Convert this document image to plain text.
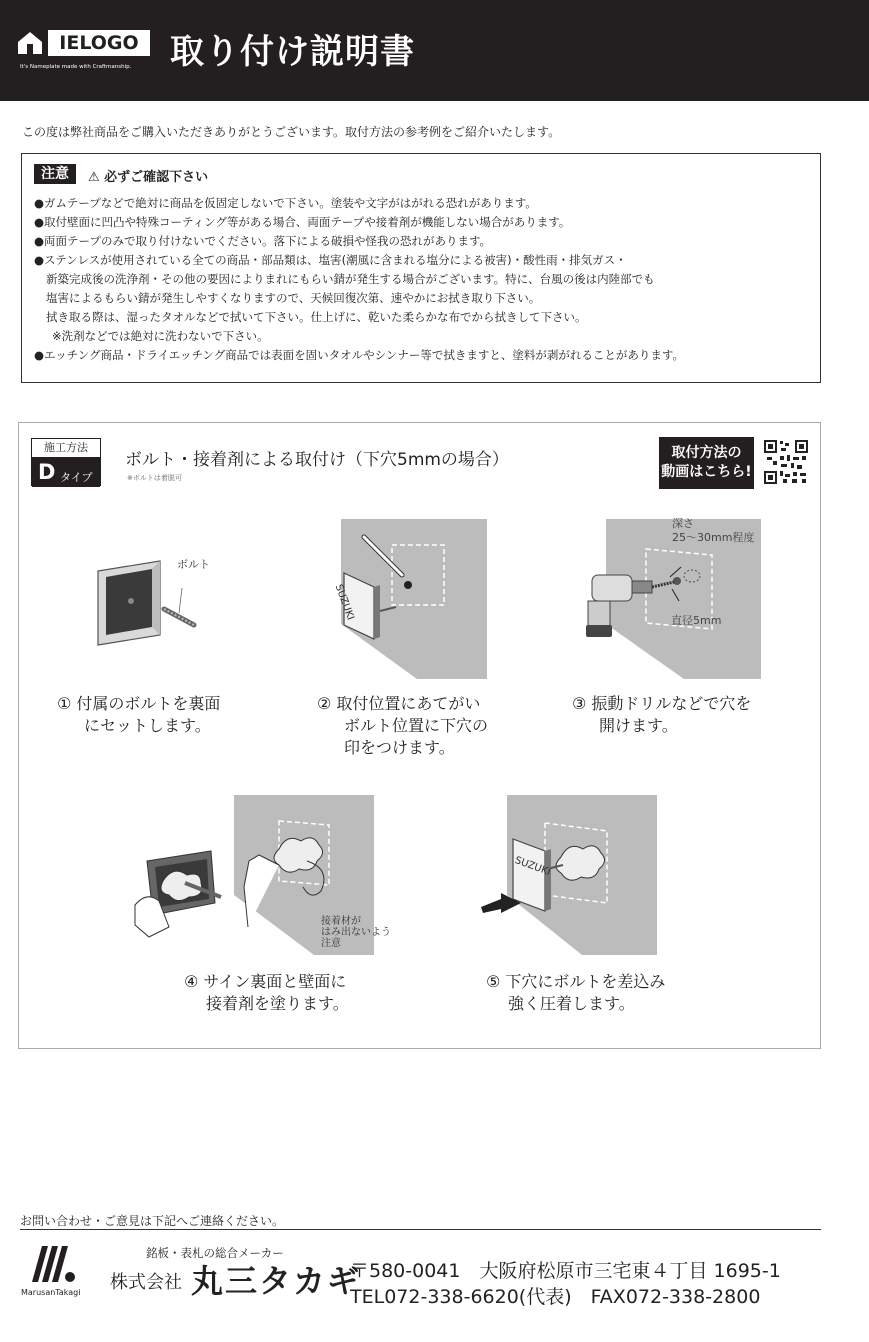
IELOGO
It's Nameplate made with Craftmanship. 取り付け説明書
この度は弊社商品をご購入いただきありがとうございます。取付方法の参考例をご紹介いたします。
注意	⚠ 必ずご確認下さい
●ガムテープなどで絶対に商品を仮固定しないで下さい。塗装や文字がはがれる恐れがあります。
●取付壁面に凹凸や特殊コーティング等がある場合、両面テープや接着剤が機能しない場合があります。
●両面テープのみで取り付けないでください。落下による破損や怪我の恐れがあります。
●ステンレスが使用されている全ての商品・部品類は、塩害(潮風に含まれる塩分による被害)・酸性雨・排気ガス・
新築完成後の洗浄剤・その他の要因によりまれにもらい錆が発生する場合がございます。特に、台風の後は内陸部でも
塩害によるもらい錆が発生しやすくなりますので、天候回復次第、速やかにお拭き取り下さい。
拭き取る際は、湿ったタオルなどで拭いて下さい。仕上げに、乾いた柔らかな布でから拭きして下さい。
※洗剤などでは絶対に洗わないで下さい。
●エッチング商品・ドライエッチング商品では表面を固いタオルやシンナー等で拭きますと、塗料が剥がれることがあります。
施工方法
D タイプ
ボルト・接着剤による取付け（下穴5mmの場合）
※ボルトは着脱可
取付方法の
動画はこちら!
ボルト
SUZUKI
深さ
25〜30mm程度
直径5mm
① 付属のボルトを裏面
にセットします。
② 取付位置にあてがい
ボルト位置に下穴の
印をつけます。
③ 振動ドリルなどで穴を
開けます。
接着材が
はみ出ないよう
注意
SUZUKI
④ サイン裏面と壁面に
接着剤を塗ります。
⑤ 下穴にボルトを差込み
強く圧着します。
お問い合わせ・ご意見は下記へご連絡ください。
MarusanTakagi
銘板・表札の総合メーカー
株式会社 丸三タカギ
〒580-0041　大阪府松原市三宅東４丁目 1695-1
TEL072-338-6620(代表)　FAX072-338-2800
